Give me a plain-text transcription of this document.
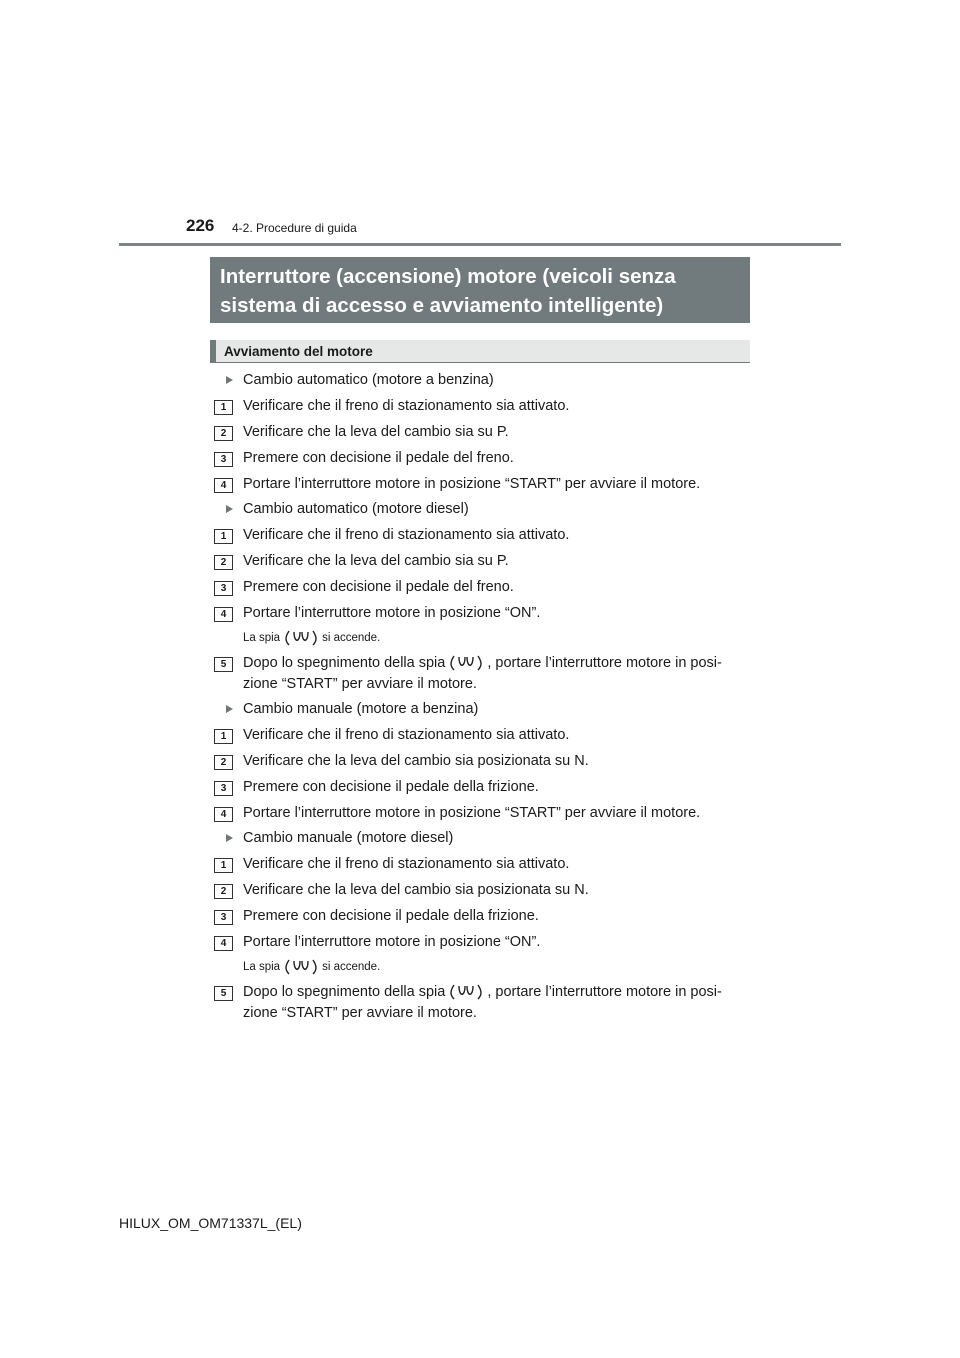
226 4-2. Procedure di guida
Interruttore (accensione) motore (veicoli senza
sistema di accesso e avviamento intelligente)
Avviamento del motore
Cambio automatico (motore a benzina)
1	Verificare che il freno di stazionamento sia attivato.
2	Verificare che la leva del cambio sia su P.
3	Premere con decisione il pedale del freno.
4	Portare l’interruttore motore in posizione “START” per avviare il motore.
Cambio automatico (motore diesel)
1	Verificare che il freno di stazionamento sia attivato.
2	Verificare che la leva del cambio sia su P.
3	Premere con decisione il pedale del freno.
4	Portare l’interruttore motore in posizione “ON”.
La spia	si accende.
5	Dopo lo spegnimento della spia	, portare l’interruttore motore in posi-
zione “START” per avviare il motore.
Cambio manuale (motore a benzina)
1	Verificare che il freno di stazionamento sia attivato.
2	Verificare che la leva del cambio sia posizionata su N.
3	Premere con decisione il pedale della frizione.
4	Portare l’interruttore motore in posizione “START” per avviare il motore.
Cambio manuale (motore diesel)
1	Verificare che il freno di stazionamento sia attivato.
2	Verificare che la leva del cambio sia posizionata su N.
3	Premere con decisione il pedale della frizione.
4	Portare l’interruttore motore in posizione “ON”.
La spia	si accende.
5	Dopo lo spegnimento della spia	, portare l’interruttore motore in posi-
zione “START” per avviare il motore.
HILUX_OM_OM71337L_(EL)
